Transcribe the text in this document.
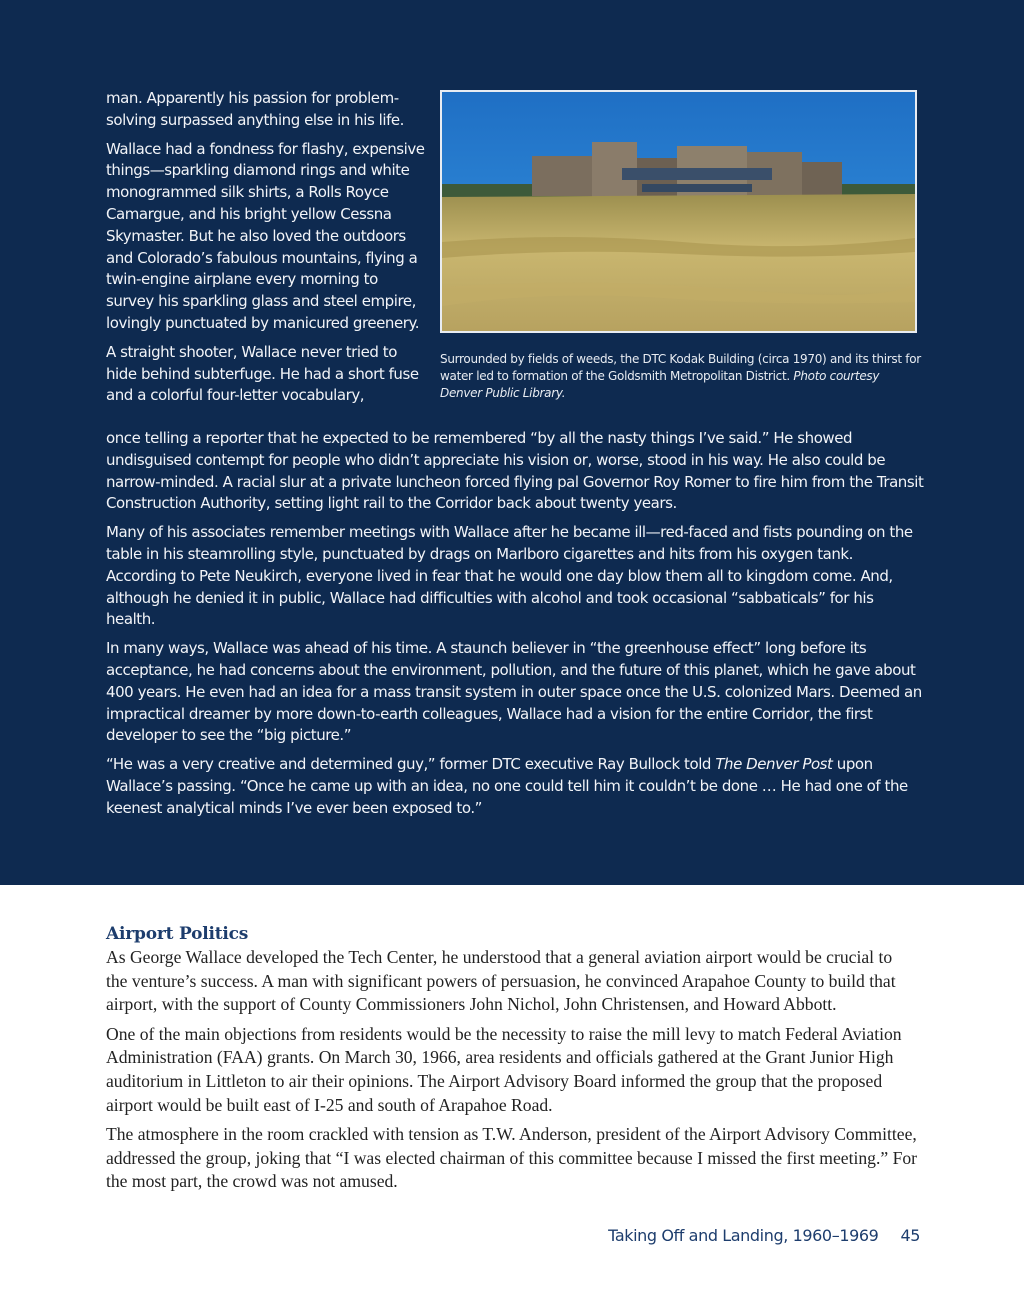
man. Apparently his passion for problem-solving surpassed anything else in his life.

Wallace had a fondness for flashy, expensive things—sparkling diamond rings and white monogrammed silk shirts, a Rolls Royce Camargue, and his bright yellow Cessna Skymaster. But he also loved the outdoors and Colorado’s fabulous mountains, flying a twin-engine airplane every morning to survey his sparkling glass and steel empire, lovingly punctuated by manicured greenery.

A straight shooter, Wallace never tried to hide behind subterfuge. He had a short fuse and a colorful four-letter vocabulary,

Surrounded by fields of weeds, the DTC Kodak Building (circa 1970) and its thirst for water led to formation of the Goldsmith Metropolitan District. Photo courtesy Denver Public Library.

once telling a reporter that he expected to be remembered “by all the nasty things I’ve said.” He showed undisguised contempt for people who didn’t appreciate his vision or, worse, stood in his way. He also could be narrow-minded. A racial slur at a private luncheon forced flying pal Governor Roy Romer to fire him from the Transit Construction Authority, setting light rail to the Corridor back about twenty years.

Many of his associates remember meetings with Wallace after he became ill—red-faced and fists pounding on the table in his steamrolling style, punctuated by drags on Marlboro cigarettes and hits from his oxygen tank. According to Pete Neukirch, everyone lived in fear that he would one day blow them all to kingdom come. And, although he denied it in public, Wallace had difficulties with alcohol and took occasional “sabbaticals” for his health.

In many ways, Wallace was ahead of his time. A staunch believer in “the greenhouse effect” long before its acceptance, he had concerns about the environment, pollution, and the future of this planet, which he gave about 400 years. He even had an idea for a mass transit system in outer space once the U.S. colonized Mars. Deemed an impractical dreamer by more down-to-earth colleagues, Wallace had a vision for the entire Corridor, the first developer to see the “big picture.”

“He was a very creative and determined guy,” former DTC executive Ray Bullock told The Denver Post upon Wallace’s passing. “Once he came up with an idea, no one could tell him it couldn’t be done … He had one of the keenest analytical minds I’ve ever been exposed to.”

Airport Politics

As George Wallace developed the Tech Center, he understood that a general aviation airport would be crucial to the venture’s success. A man with significant powers of persuasion, he convinced Arapahoe County to build that airport, with the support of County Commissioners John Nichol, John Christensen, and Howard Abbott.

One of the main objections from residents would be the necessity to raise the mill levy to match Federal Aviation Administration (FAA) grants. On March 30, 1966, area residents and officials gathered at the Grant Junior High auditorium in Littleton to air their opinions. The Airport Advisory Board informed the group that the proposed airport would be built east of I-25 and south of Arapahoe Road.

The atmosphere in the room crackled with tension as T.W. Anderson, president of the Airport Advisory Committee, addressed the group, joking that “I was elected chairman of this committee because I missed the first meeting.” For the most part, the crowd was not amused.

Taking Off and Landing, 1960–1969 45
